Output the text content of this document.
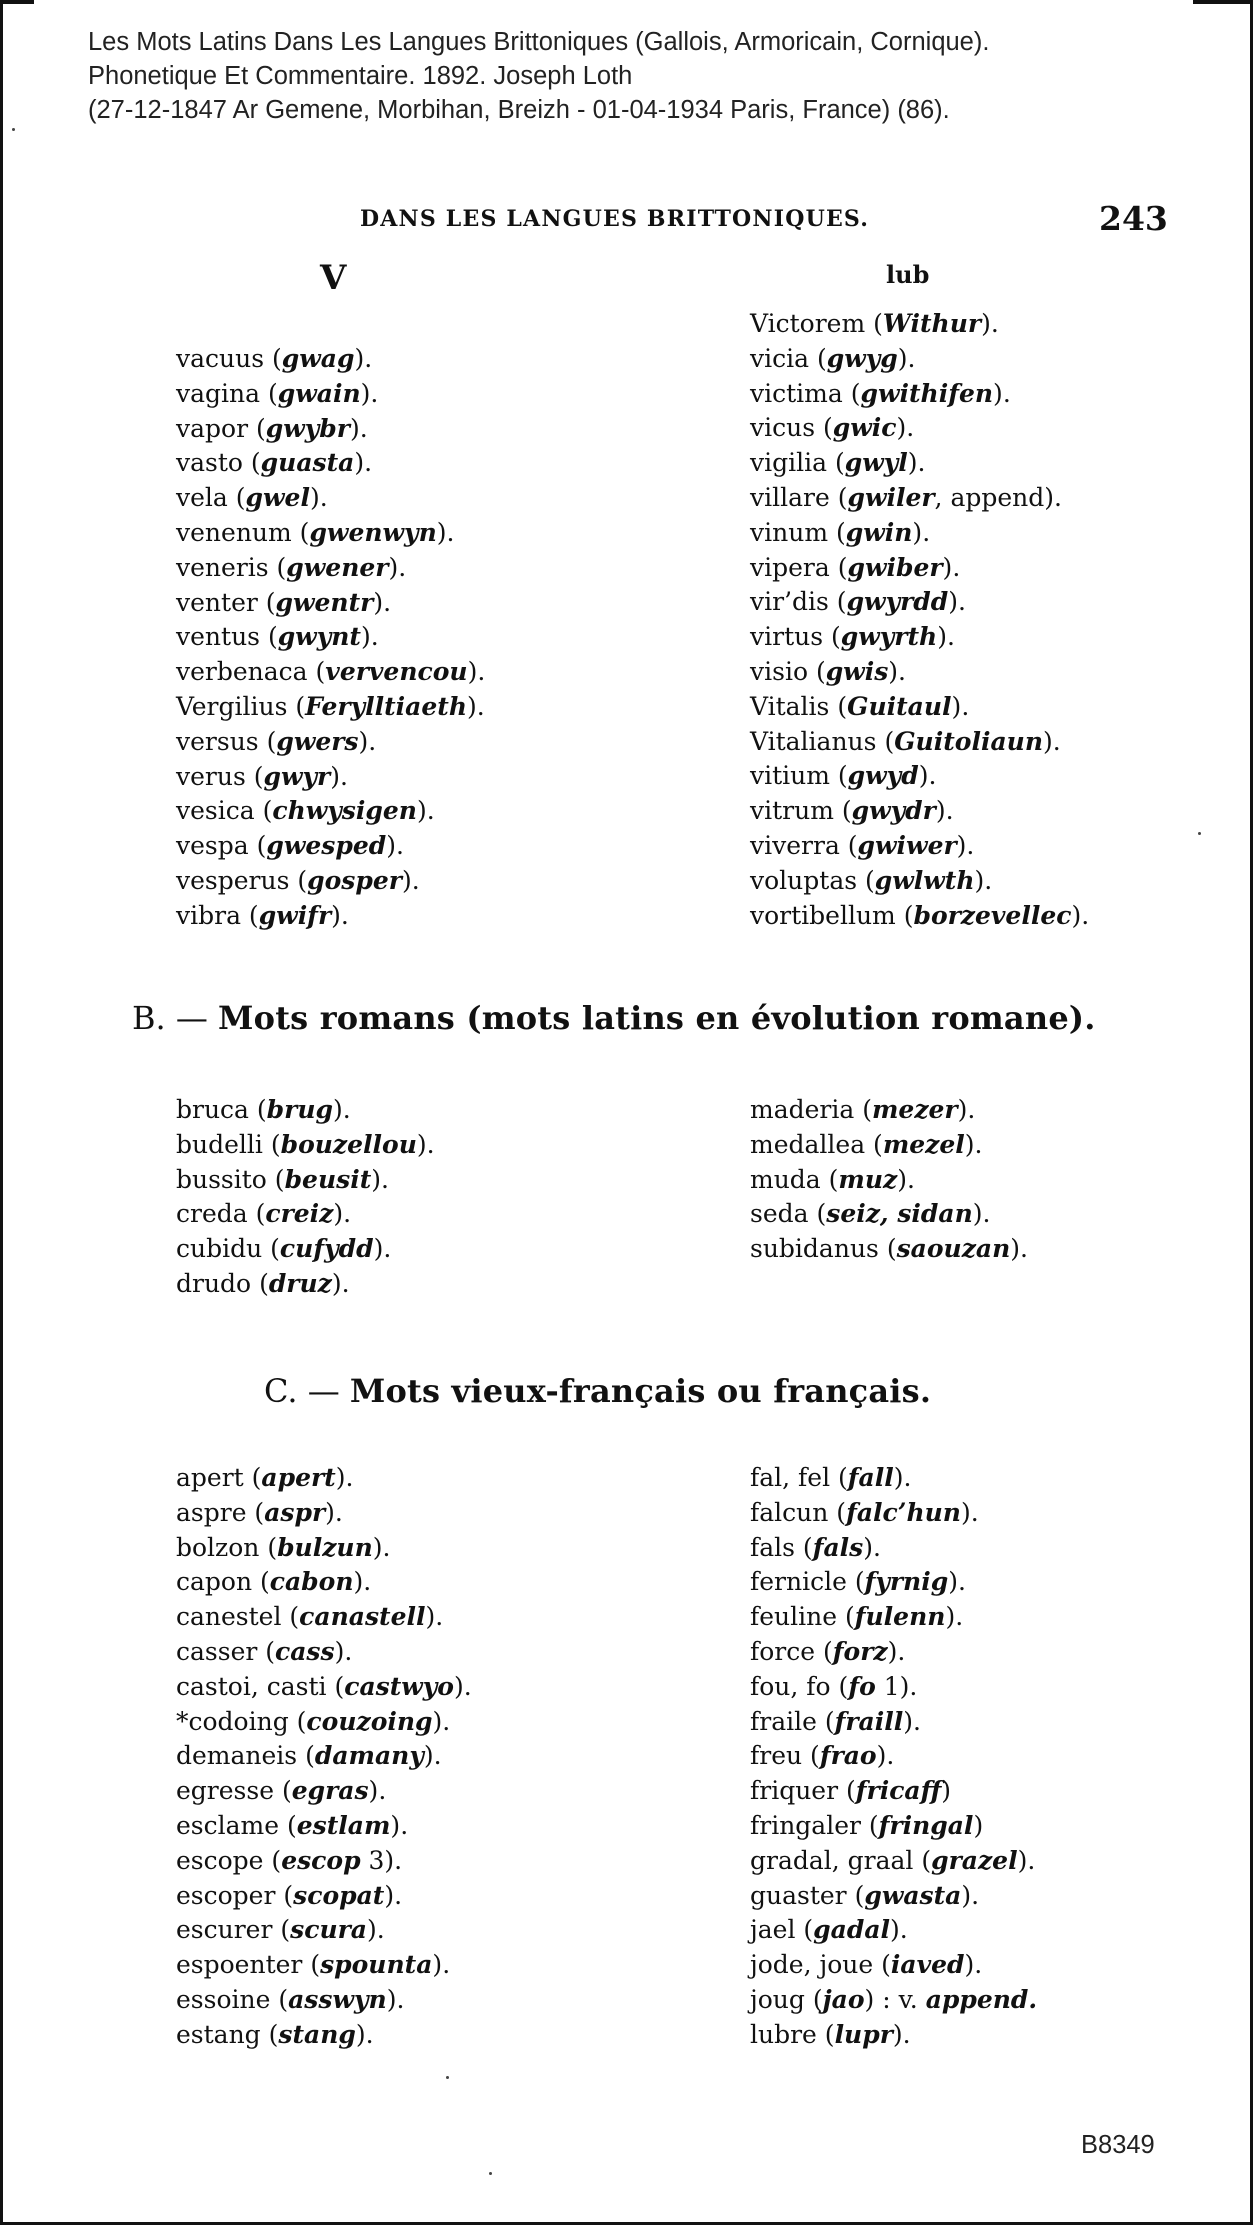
Les Mots Latins Dans Les Langues Brittoniques (Gallois, Armoricain, Cornique).
Phonetique Et Commentaire. 1892. Joseph Loth
(27-12-1847 Ar Gemene, Morbihan, Breizh - 01-04-1934 Paris, France) (86).
DANS LES LANGUES BRITTONIQUES.	243
V	lub
vacuus (gwag).
vagina (gwain).
vapor (gwybr).
vasto (guasta).
vela (gwel).
venenum (gwenwyn).
veneris (gwener).
venter (gwentr).
ventus (gwynt).
verbenaca (vervencou).
Vergilius (Ferylltiaeth).
versus (gwers).
verus (gwyr).
vesica (chwysigen).
vespa (gwesped).
vesperus (gosper).
vibra (gwifr).
Victorem (Withur).
vicia (gwyg).
victima (gwithifen).
vicus (gwic).
vigilia (gwyl).
villare (gwiler, append).
vinum (gwin).
vipera (gwiber).
vir’dis (gwyrdd).
virtus (gwyrth).
visio (gwis).
Vitalis (Guitaul).
Vitalianus (Guitoliaun).
vitium (gwyd).
vitrum (gwydr).
viverra (gwiwer).
voluptas (gwlwth).
vortibellum (borzevellec).
B. — Mots romans (mots latins en évolution romane).
bruca (brug).
budelli (bouzellou).
bussito (beusit).
creda (creiz).
cubidu (cufydd).
drudo (druz).
maderia (mezer).
medallea (mezel).
muda (muz).
seda (seiz, sidan).
subidanus (saouzan).
C. — Mots vieux-français ou français.
apert (apert).
aspre (aspr).
bolzon (bulzun).
capon (cabon).
canestel (canastell).
casser (cass).
castoi, casti (castwyo).
*codoing (couzoing).
demaneis (damany).
egresse (egras).
esclame (estlam).
escope (escop 3).
escoper (scopat).
escurer (scura).
espoenter (spounta).
essoine (asswyn).
estang (stang).
fal, fel (fall).
falcun (falc’hun).
fals (fals).
fernicle (fyrnig).
feuline (fulenn).
force (forz).
fou, fo (fo 1).
fraile (fraill).
freu (frao).
friquer (fricaff)
fringaler (fringal)
gradal, graal (grazel).
guaster (gwasta).
jael (gadal).
jode, joue (iaved).
joug (jao) : v. append.
lubre (lupr).
B8349
